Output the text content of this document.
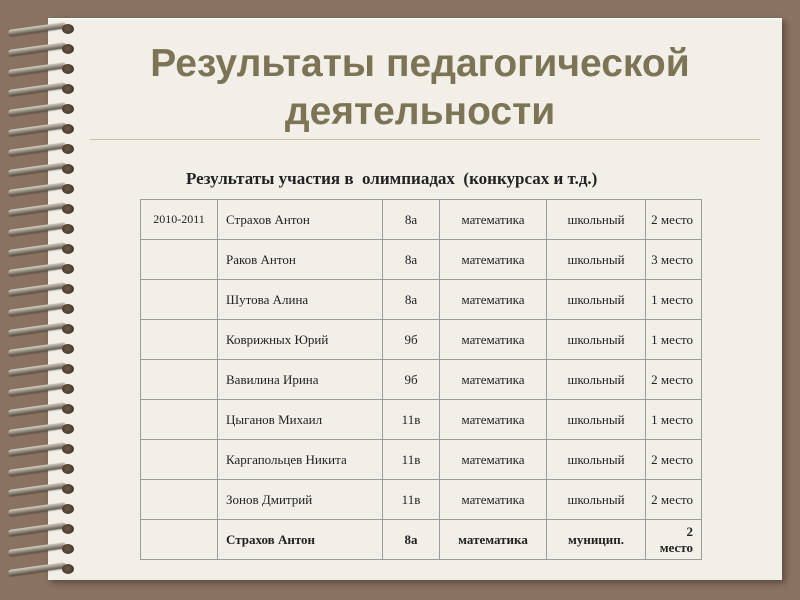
Результаты педагогической
деятельности
Результаты участия в  олимпиадах  (конкурсах и т.д.)
2010-2011	Страхов Антон	8а	математика	школьный	2 место
	Раков Антон	8а	математика	школьный	3 место
	Шутова Алина	8а	математика	школьный	1 место
	Коврижных Юрий	9б	математика	школьный	1 место
	Вавилина Ирина	9б	математика	школьный	2 место
	Цыганов Михаил	11в	математика	школьный	1 место
	Каргапольцев Никита	11в	математика	школьный	2 место
	Зонов Дмитрий	11в	математика	школьный	2 место
	Страхов Антон	8а	математика	муницип.	2 место
